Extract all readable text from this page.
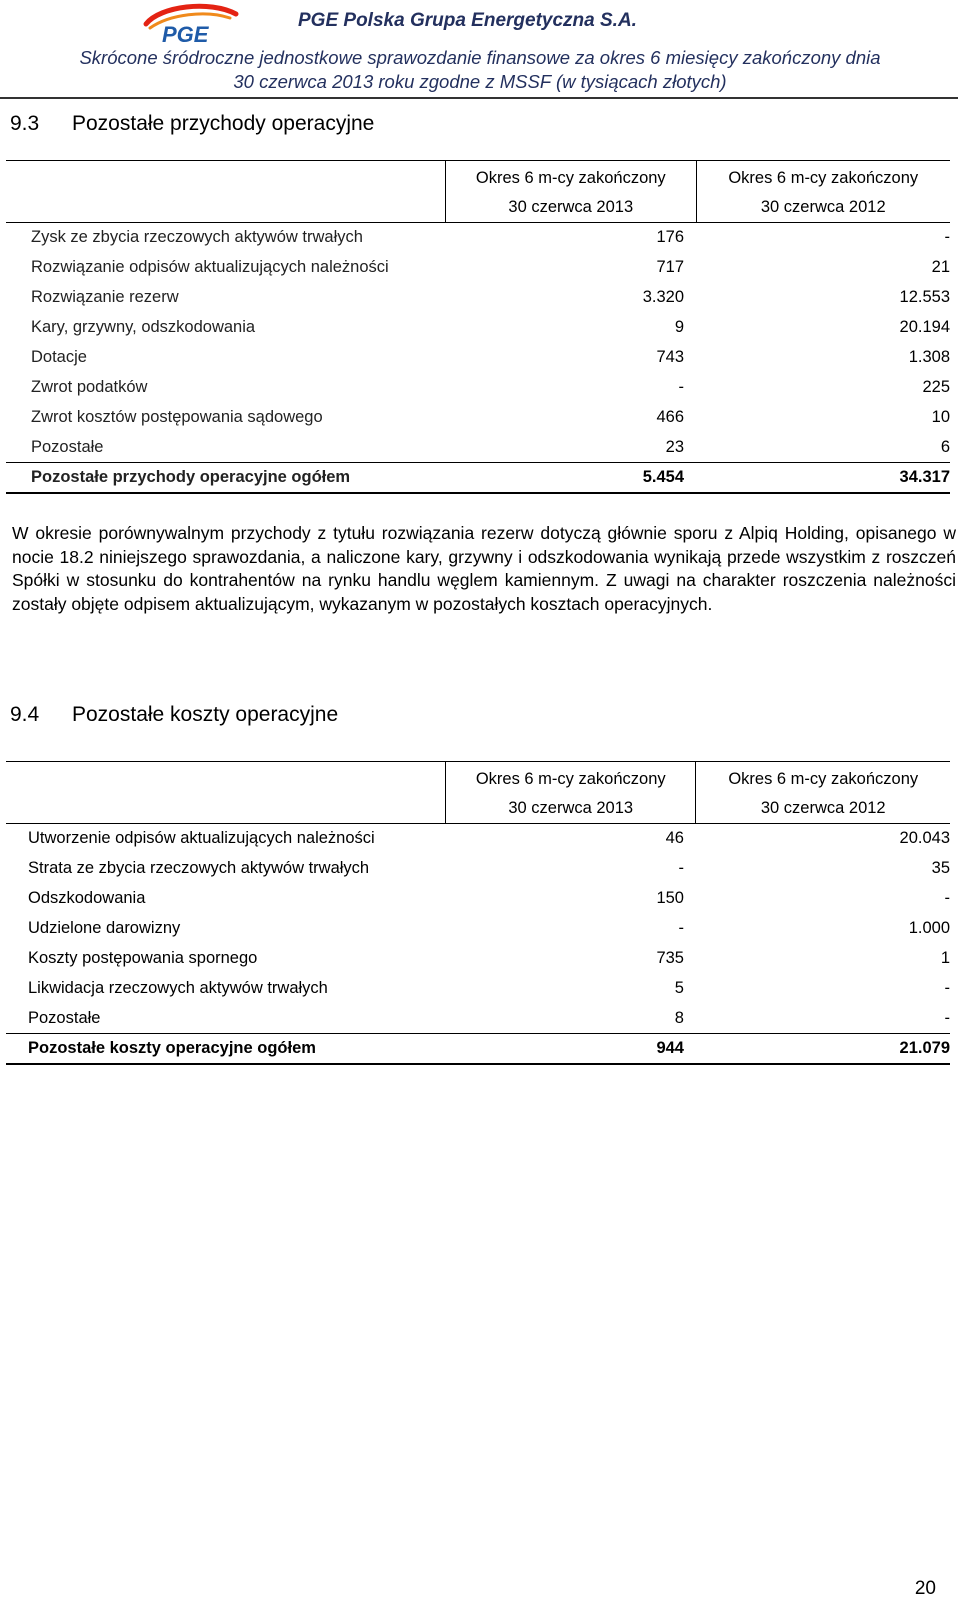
PGE
PGE Polska Grupa Energetyczna S.A.
Skrócone śródroczne jednostkowe sprawozdanie finansowe za okres 6 miesięcy zakończony dnia
30 czerwca 2013 roku zgodne z MSSF (w tysiącach złotych)
9.3 Pozostałe przychody operacyjne
	Okres 6 m-cy zakończony	Okres 6 m-cy zakończony
	30 czerwca 2013	30 czerwca 2012
Zysk ze zbycia rzeczowych aktywów trwałych	176	-
Rozwiązanie odpisów aktualizujących należności	717	21
Rozwiązanie rezerw	3.320	12.553
Kary, grzywny, odszkodowania	9	20.194
Dotacje	743	1.308
Zwrot podatków	-	225
Zwrot kosztów postępowania sądowego	466	10
Pozostałe	23	6
Pozostałe przychody operacyjne ogółem	5.454	34.317
W okresie porównywalnym przychody z tytułu rozwiązania rezerw dotyczą głównie sporu z Alpiq Holding, opisanego w nocie 18.2 niniejszego sprawozdania, a naliczone kary, grzywny i odszkodowania wynikają przede wszystkim z roszczeń Spółki w stosunku do kontrahentów na rynku handlu węglem kamiennym. Z uwagi na charakter roszczenia należności zostały objęte odpisem aktualizującym, wykazanym w pozostałych kosztach operacyjnych.
9.4 Pozostałe koszty operacyjne
	Okres 6 m-cy zakończony	Okres 6 m-cy zakończony
	30 czerwca 2013	30 czerwca 2012
Utworzenie odpisów aktualizujących należności	46	20.043
Strata ze zbycia rzeczowych aktywów trwałych	-	35
Odszkodowania	150	-
Udzielone darowizny	-	1.000
Koszty postępowania spornego	735	1
Likwidacja rzeczowych aktywów trwałych	5	-
Pozostałe	8	-
Pozostałe koszty operacyjne ogółem	944	21.079
20
